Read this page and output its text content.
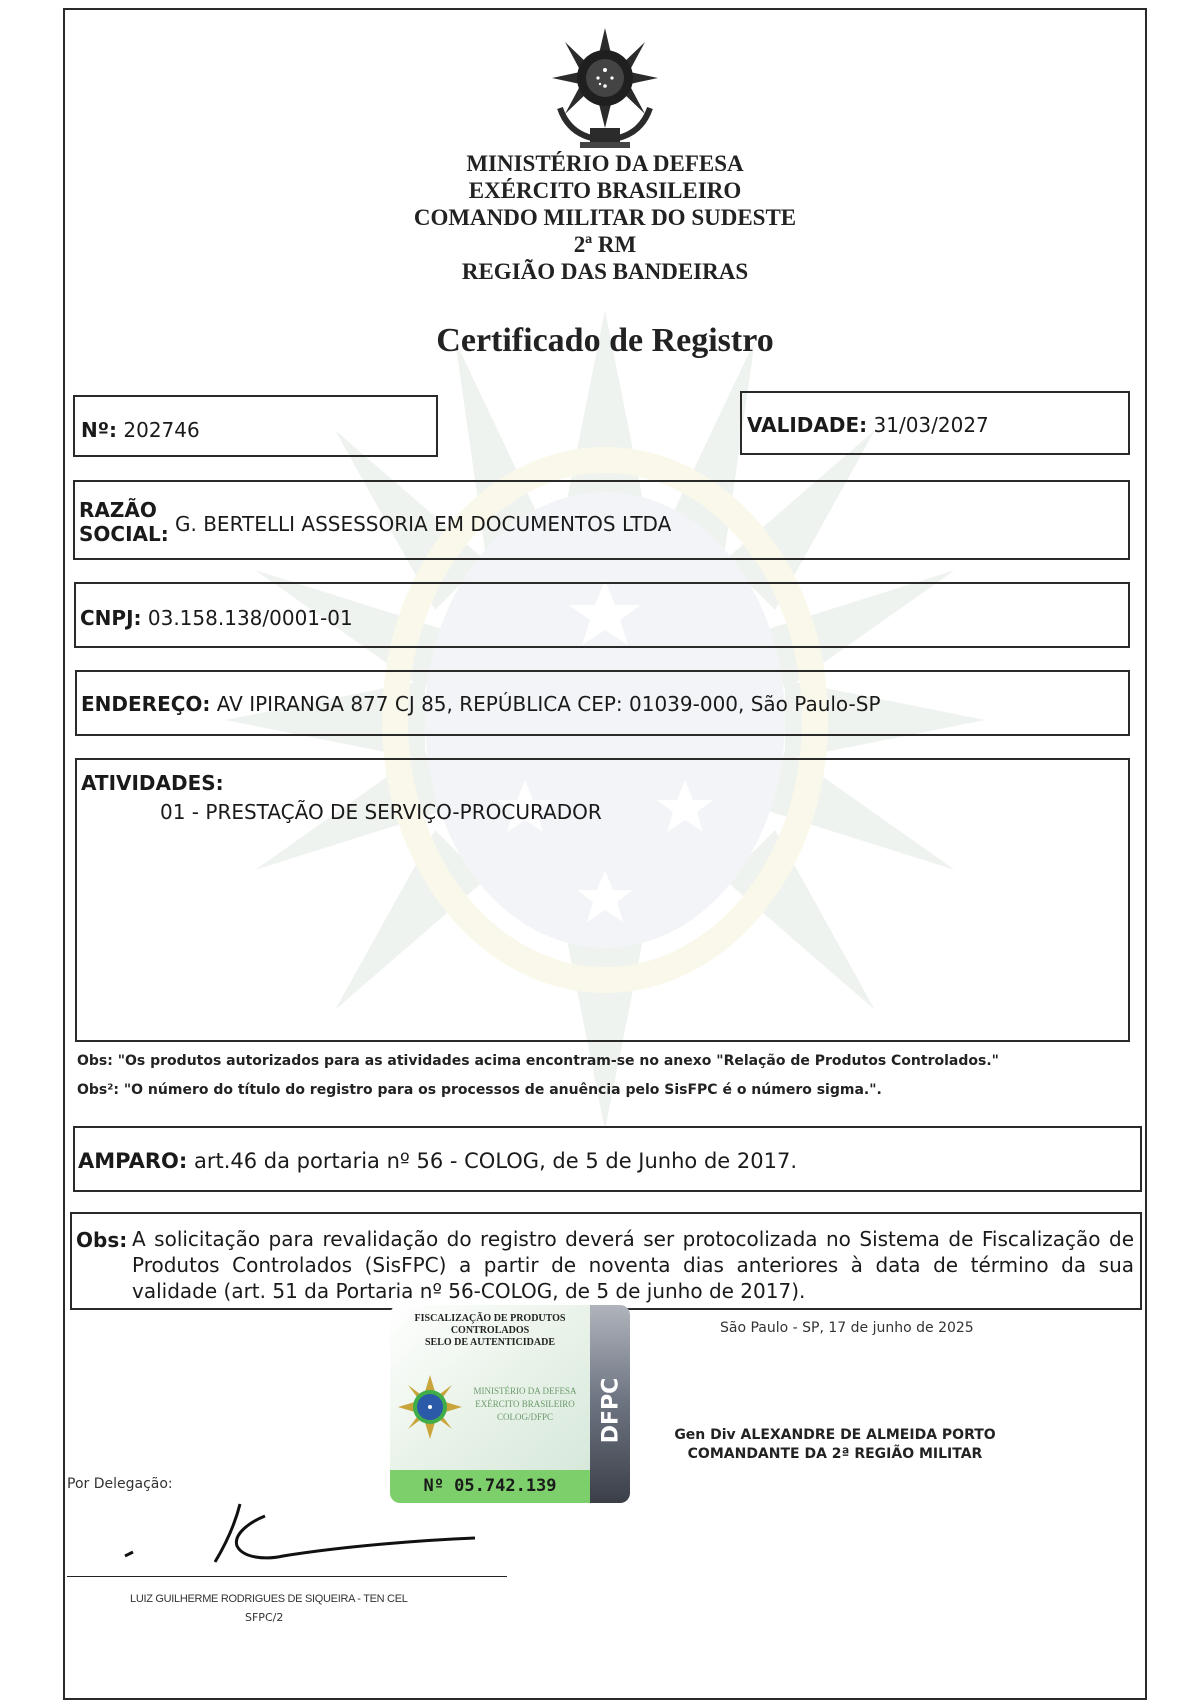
MINISTÉRIO DA DEFESA
EXÉRCITO BRASILEIRO
COMANDO MILITAR DO SUDESTE
2ª RM
REGIÃO DAS BANDEIRAS
Certificado de Registro
Nº: 202746	VALIDADE: 31/03/2027
RAZÃO
SOCIAL: G. BERTELLI ASSESSORIA EM DOCUMENTOS LTDA
CNPJ: 03.158.138/0001-01
ENDEREÇO: AV IPIRANGA 877 CJ 85, REPÚBLICA CEP: 01039-000, São Paulo-SP
ATIVIDADES:
01 - PRESTAÇÃO DE SERVIÇO-PROCURADOR
Obs: "Os produtos autorizados para as atividades acima encontram-se no anexo "Relação de Produtos Controlados."
Obs²: "O número do título do registro para os processos de anuência pelo SisFPC é o número sigma.".
AMPARO: art.46 da portaria nº 56 - COLOG, de 5 de Junho de 2017.
Obs: A solicitação para revalidação do registro deverá ser protocolizada no Sistema de Fiscalização de Produtos Controlados (SisFPC) a partir de noventa dias anteriores à data de término da sua validade (art. 51 da Portaria nº 56-COLOG, de 5 de junho de 2017).
FISCALIZAÇÃO DE PRODUTOS
CONTROLADOS
SELO DE AUTENTICIDADE
MINISTÉRIO DA DEFESA
EXÉRCITO BRASILEIRO
COLOG/DFPC	DFPC
Nº 05.742.139
São Paulo - SP, 17 de junho de 2025
Gen Div ALEXANDRE DE ALMEIDA PORTO
COMANDANTE DA 2ª REGIÃO MILITAR
Por Delegação:
LUIZ GUILHERME RODRIGUES DE SIQUEIRA - TEN CEL
SFPC/2
